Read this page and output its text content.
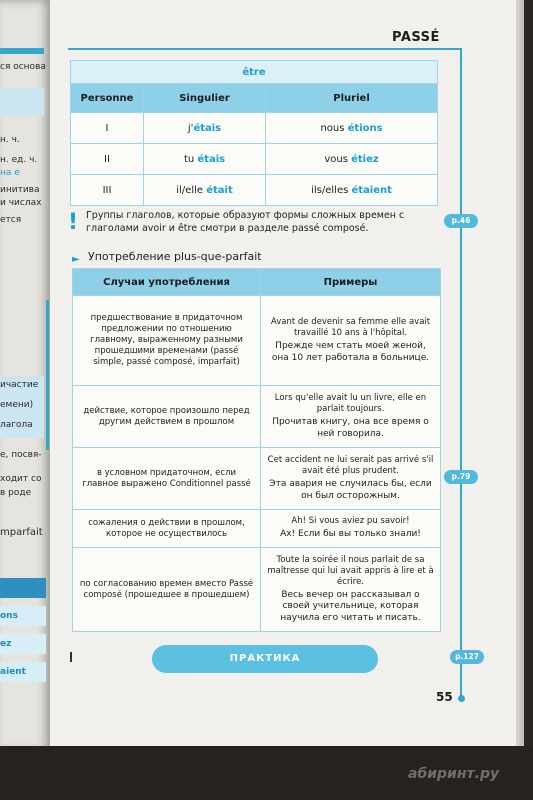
ся основа
н. ч.
н. ед. ч.
на е
инитива
и числах
ется
ичастие
емени)
лагола
е, посвя-
ходит со
в роде
mparfait
ons
ez
aient
PASSÉ
être		
Personne	Singulier	Pluriel
I	j'étais	nous étions
II	tu étais	vous étiez
III	il/elle était	ils/elles étaient
! Группы глаголов, которые образуют формы сложных времен с глаголами avoir и être смотри в разделе passé composé.
p.46
► Употребление plus-que-parfait
Случаи употребления	Примеры
предшествование в придаточном предложении по отношению главному, выраженному разными прошедшими временами (passé simple, passé composé, imparfait)	Avant de devenir sa femme elle avait travaillé 10 ans à l'hôpital.
Прежде чем стать моей женой, она 10 лет работала в больнице.

действие, которое произошло перед другим действием в прошлом	Lors qu'elle avait lu un livre, elle en parlait toujours.
Прочитав книгу, она все время о ней говорила.

в условном придаточном, если главное выражено Conditionnel passé	Cet accident ne lui serait pas arrivé s'il avait été plus prudent.
Эта авария не случилась бы, если он был осторожным.

сожаления о действии в прошлом, которое не осуществилось	Ah! Si vous aviez pu savoir!
Ах! Если бы вы только знали!

по согласованию времен вместо Passé composé (прошедшее в прошедшем)	Toute la soirée il nous parlait de sa maîtresse qui lui avait appris à lire et à écrire.
Весь вечер он рассказывал о своей учительнице, которая научила его читать и писать.
p.79
p.127
ПРАКТИКА
55
абиринт.ру
